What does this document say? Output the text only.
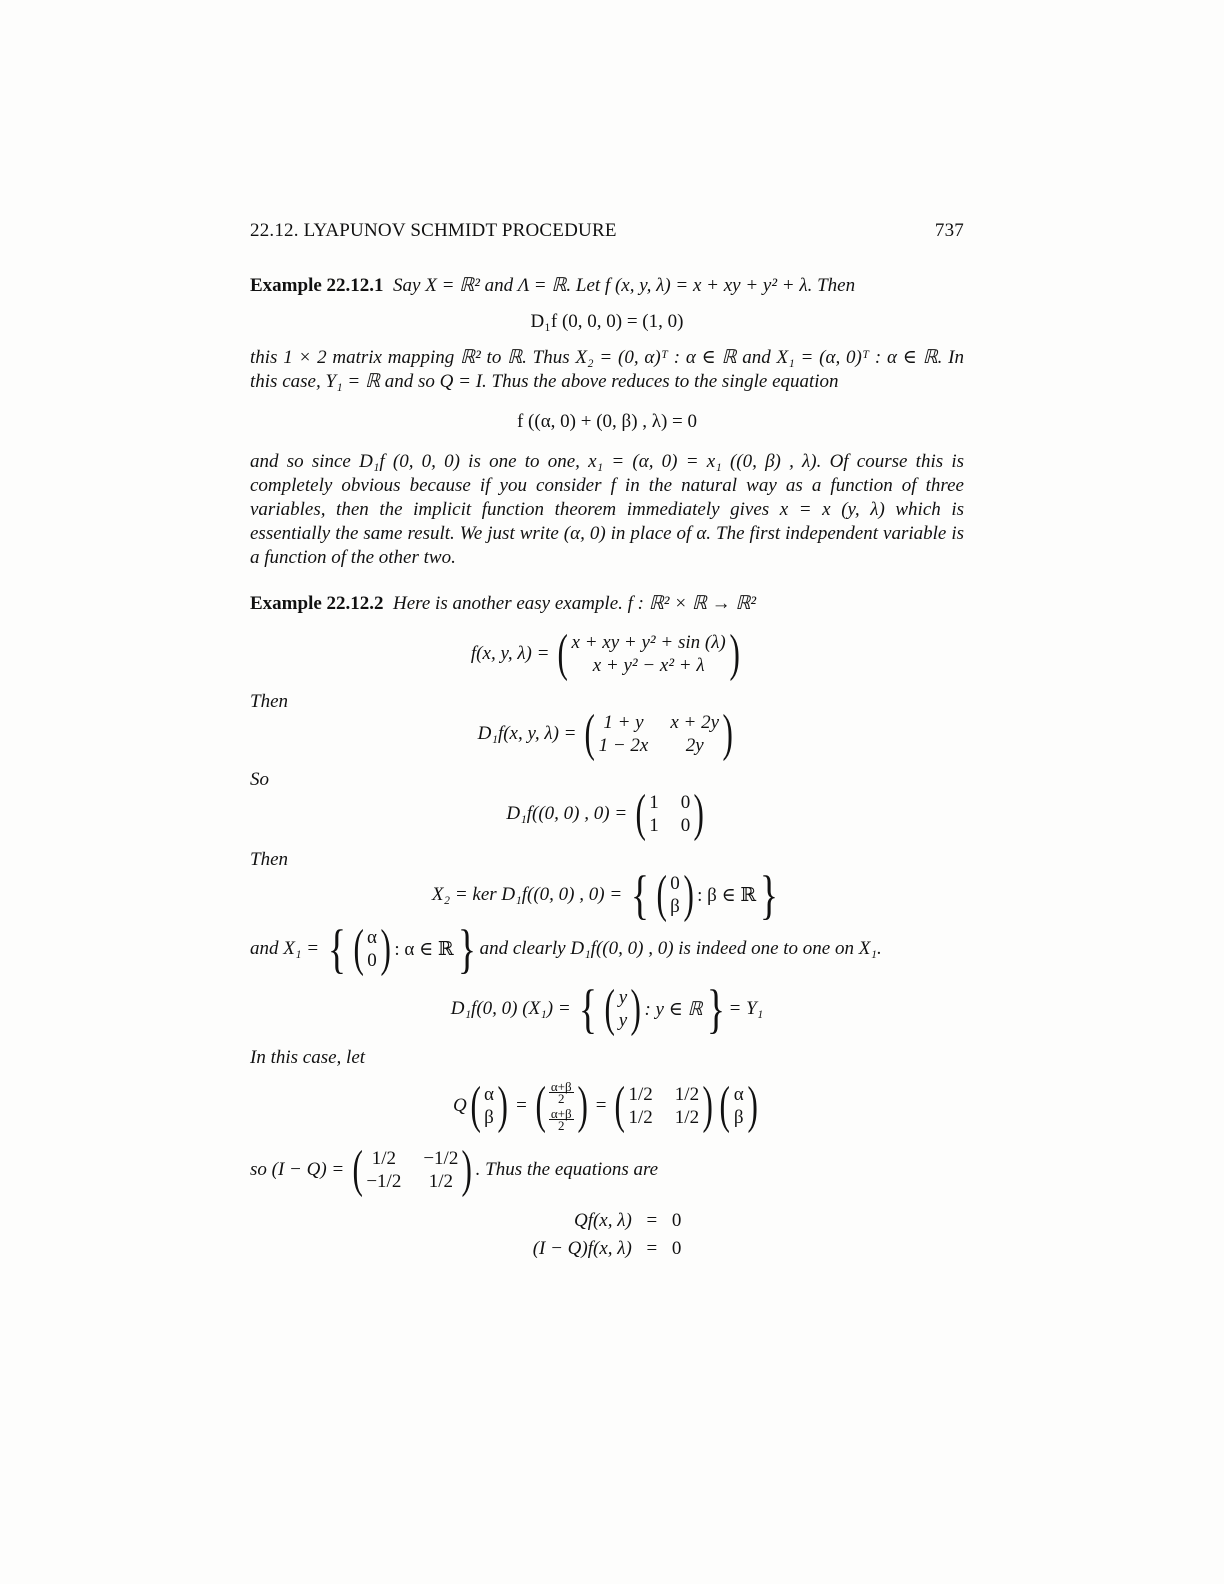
22.12. LYAPUNOV SCHMIDT PROCEDURE	737
Example 22.12.1 Say X = ℝ² and Λ = ℝ. Let f (x, y, λ) = x + xy + y² + λ. Then
D₁f (0, 0, 0) = (1, 0)
this 1 × 2 matrix mapping ℝ² to ℝ. Thus X₂ = (0, α)ᵀ : α ∈ ℝ and X₁ = (α, 0)ᵀ : α ∈ ℝ. In this case, Y₁ = ℝ and so Q = I. Thus the above reduces to the single equation
f ((α, 0) + (0, β) , λ) = 0
and so since D₁f (0, 0, 0) is one to one, x₁ = (α, 0) = x₁ ((0, β) , λ). Of course this is completely obvious because if you consider f in the natural way as a function of three variables, then the implicit function theorem immediately gives x = x (y, λ) which is essentially the same result. We just write (α, 0) in place of α. The first independent variable is a function of the other two.
Example 22.12.2 Here is another easy example. f : ℝ² × ℝ → ℝ²
f(x, y, λ) =
( x + xy + y² + sin (λ)
x + y² − x² + λ )
Then
D₁f(x, y, λ) =
( 1 + y x + 2y
1 − 2x	2y )
So
D₁f((0, 0) , 0) =
( 1 0
1 0 )
Then
X₂ = ker D₁f((0, 0) , 0) =
{ ( 0
β ) : β ∈ ℝ }
and X₁ =
{ ( α
0 ) : α ∈ ℝ } and clearly D₁f((0, 0) , 0) is indeed one to one on X₁.
D₁f(0, 0) (X₁) =
{ ( y
y ) : y ∈ ℝ } = Y₁
In this case, let
Q ( α
β ) = ( $\frac{\alpha+\beta}{2}$
$\frac{\alpha+\beta}{2}$ ) = ( 1/2 1/2
1/2 1/2 ) ( α
β )
so (I − Q) =
( 1/2 −1/2
−1/2 1/2 ) . Thus the equations are
Qf(x, λ) = 0
(I − Q)f(x, λ) = 0
